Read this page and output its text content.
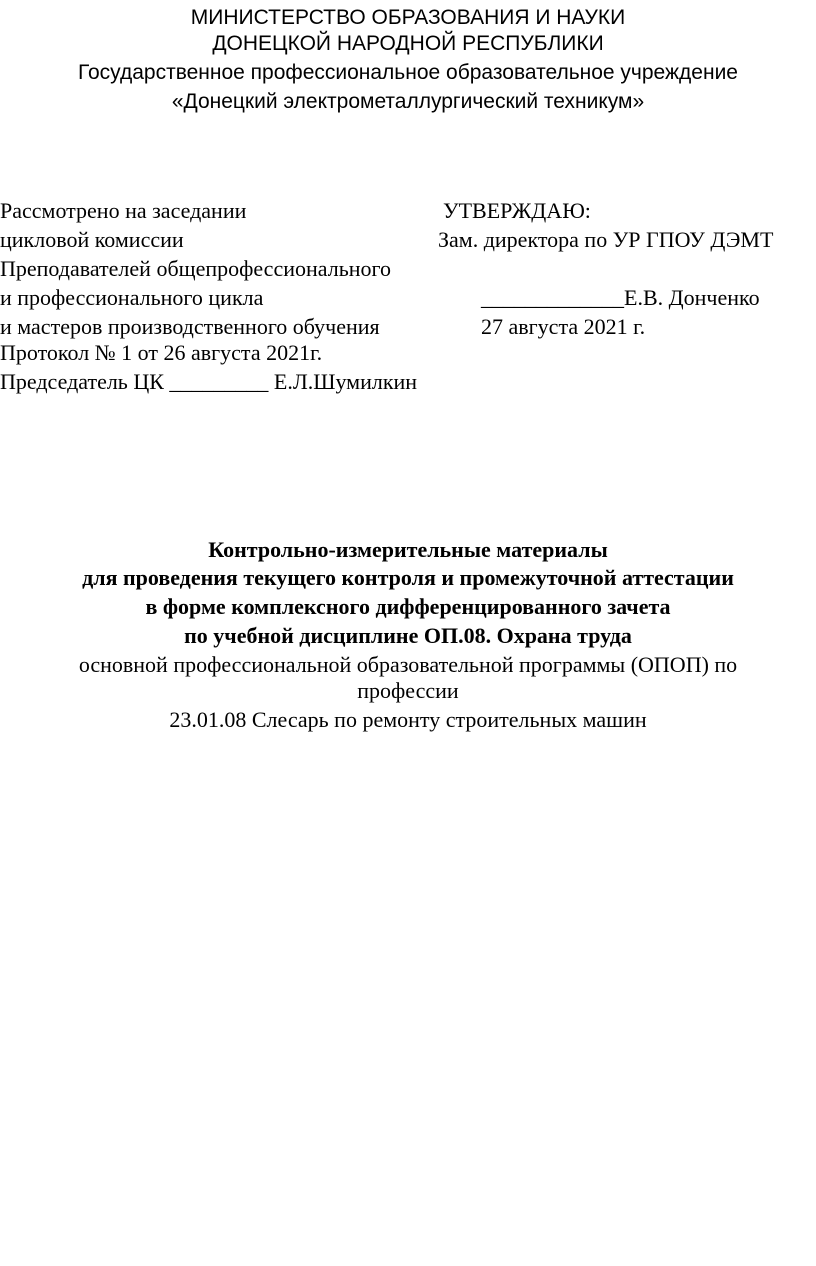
МИНИСТЕРСТВО ОБРАЗОВАНИЯ И НАУКИ
ДОНЕЦКОЙ НАРОДНОЙ РЕСПУБЛИКИ
Государственное профессиональное образовательное учреждение
«Донецкий электрометаллургический техникум»
Рассмотрено на заседании
цикловой комиссии
Преподавателей общепрофессионального
и профессионального цикла
и мастеров производственного обучения
Протокол № 1 от 26 августа 2021г.
Председатель ЦК _________ Е.Л.Шумилкин
УТВЕРЖДАЮ:
Зам. директора по УР ГПОУ ДЭМТ
_____________Е.В. Донченко
27 августа 2021 г.
Контрольно-измерительные материалы
для проведения текущего контроля и промежуточной аттестации
в форме комплексного дифференцированного зачета
по учебной дисциплине ОП.08. Охрана труда
основной профессиональной образовательной программы (ОПОП) по
профессии
23.01.08 Слесарь по ремонту строительных машин
